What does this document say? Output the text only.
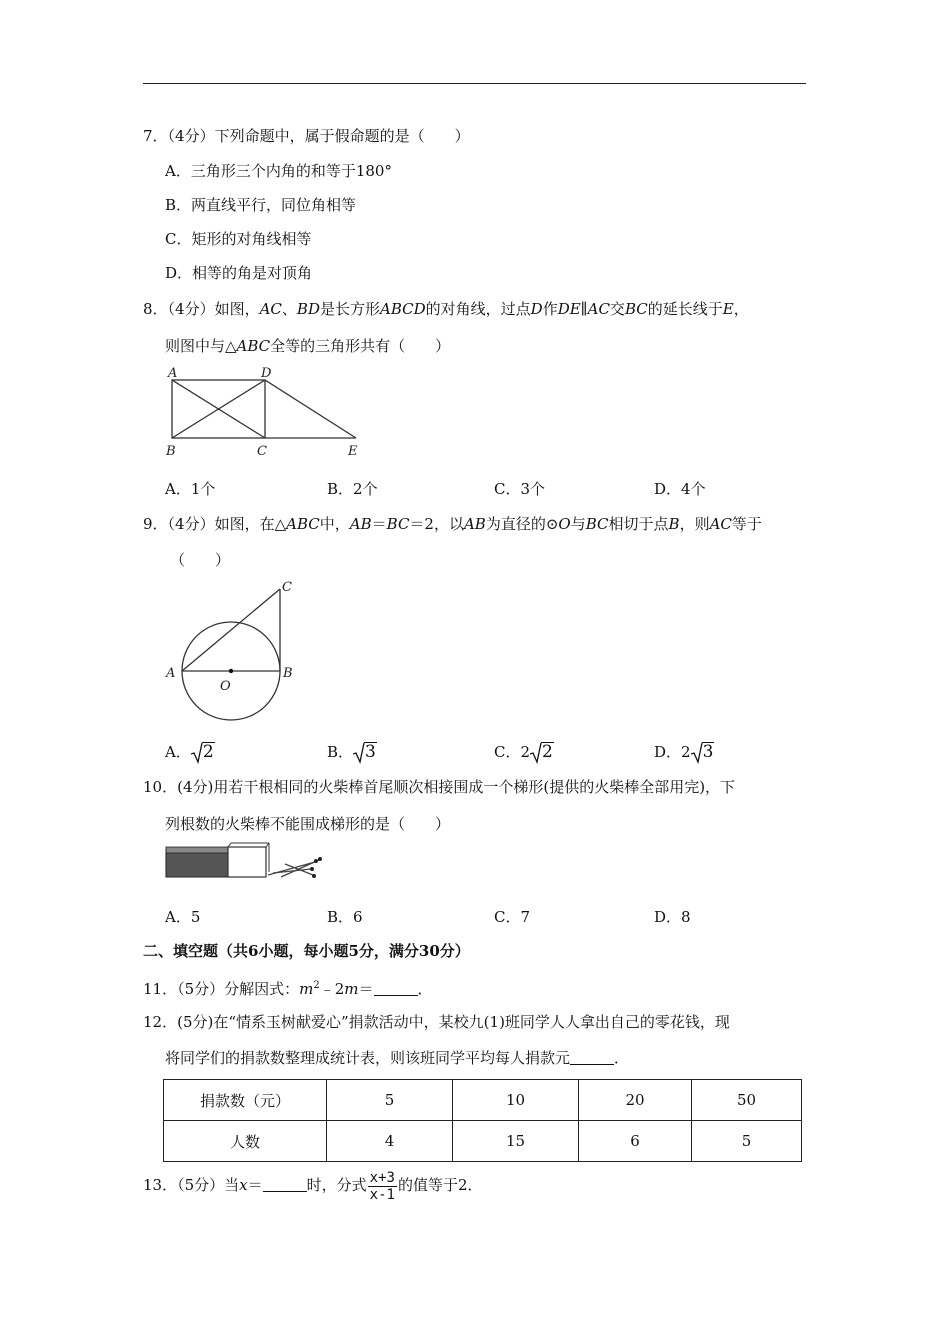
7．（4分）下列命题中，属于假命题的是（　　）
A．三角形三个内角的和等于180°
B．两直线平行，同位角相等
C．矩形的对角线相等
D．相等的角是对顶角
8．（4分）如图，AC、BD是长方形ABCD的对角线，过点D作DE∥AC交BC的延长线于E，
则图中与△ABC全等的三角形共有（　　）
A	D
B	C	E
A．1个	B．2个	C．3个	D．4个
9．（4分）如图，在△ABC中，AB＝BC＝2，以AB为直径的⊙O与BC相切于点B，则AC等于
（　　）
A	B
C
O
A． 2	B． 3	C．2 2	D．2 3
10．(4分)用若干根相同的火柴棒首尾顺次相接围成一个梯形(提供的火柴棒全部用完)，下
列根数的火柴棒不能围成梯形的是（　　）
A．5	B．6	C．7	D．8
二、填空题（共6小题，每小题5分，满分30分）
11．（5分）分解因式：$m^2﹣2m=$	．
12．(5分)在“情系玉树献爱心”捐款活动中，某校九(1)班同学人人拿出自己的零花钱，现
将同学们的捐款数整理成统计表，则该班同学平均每人捐款元	．
捐款数（元）	5	10	20	50
人数	4	15	6	5
13．（5分）当x＝	时，分式 $\frac{x+3}{x-1}$ 的值等于2．
